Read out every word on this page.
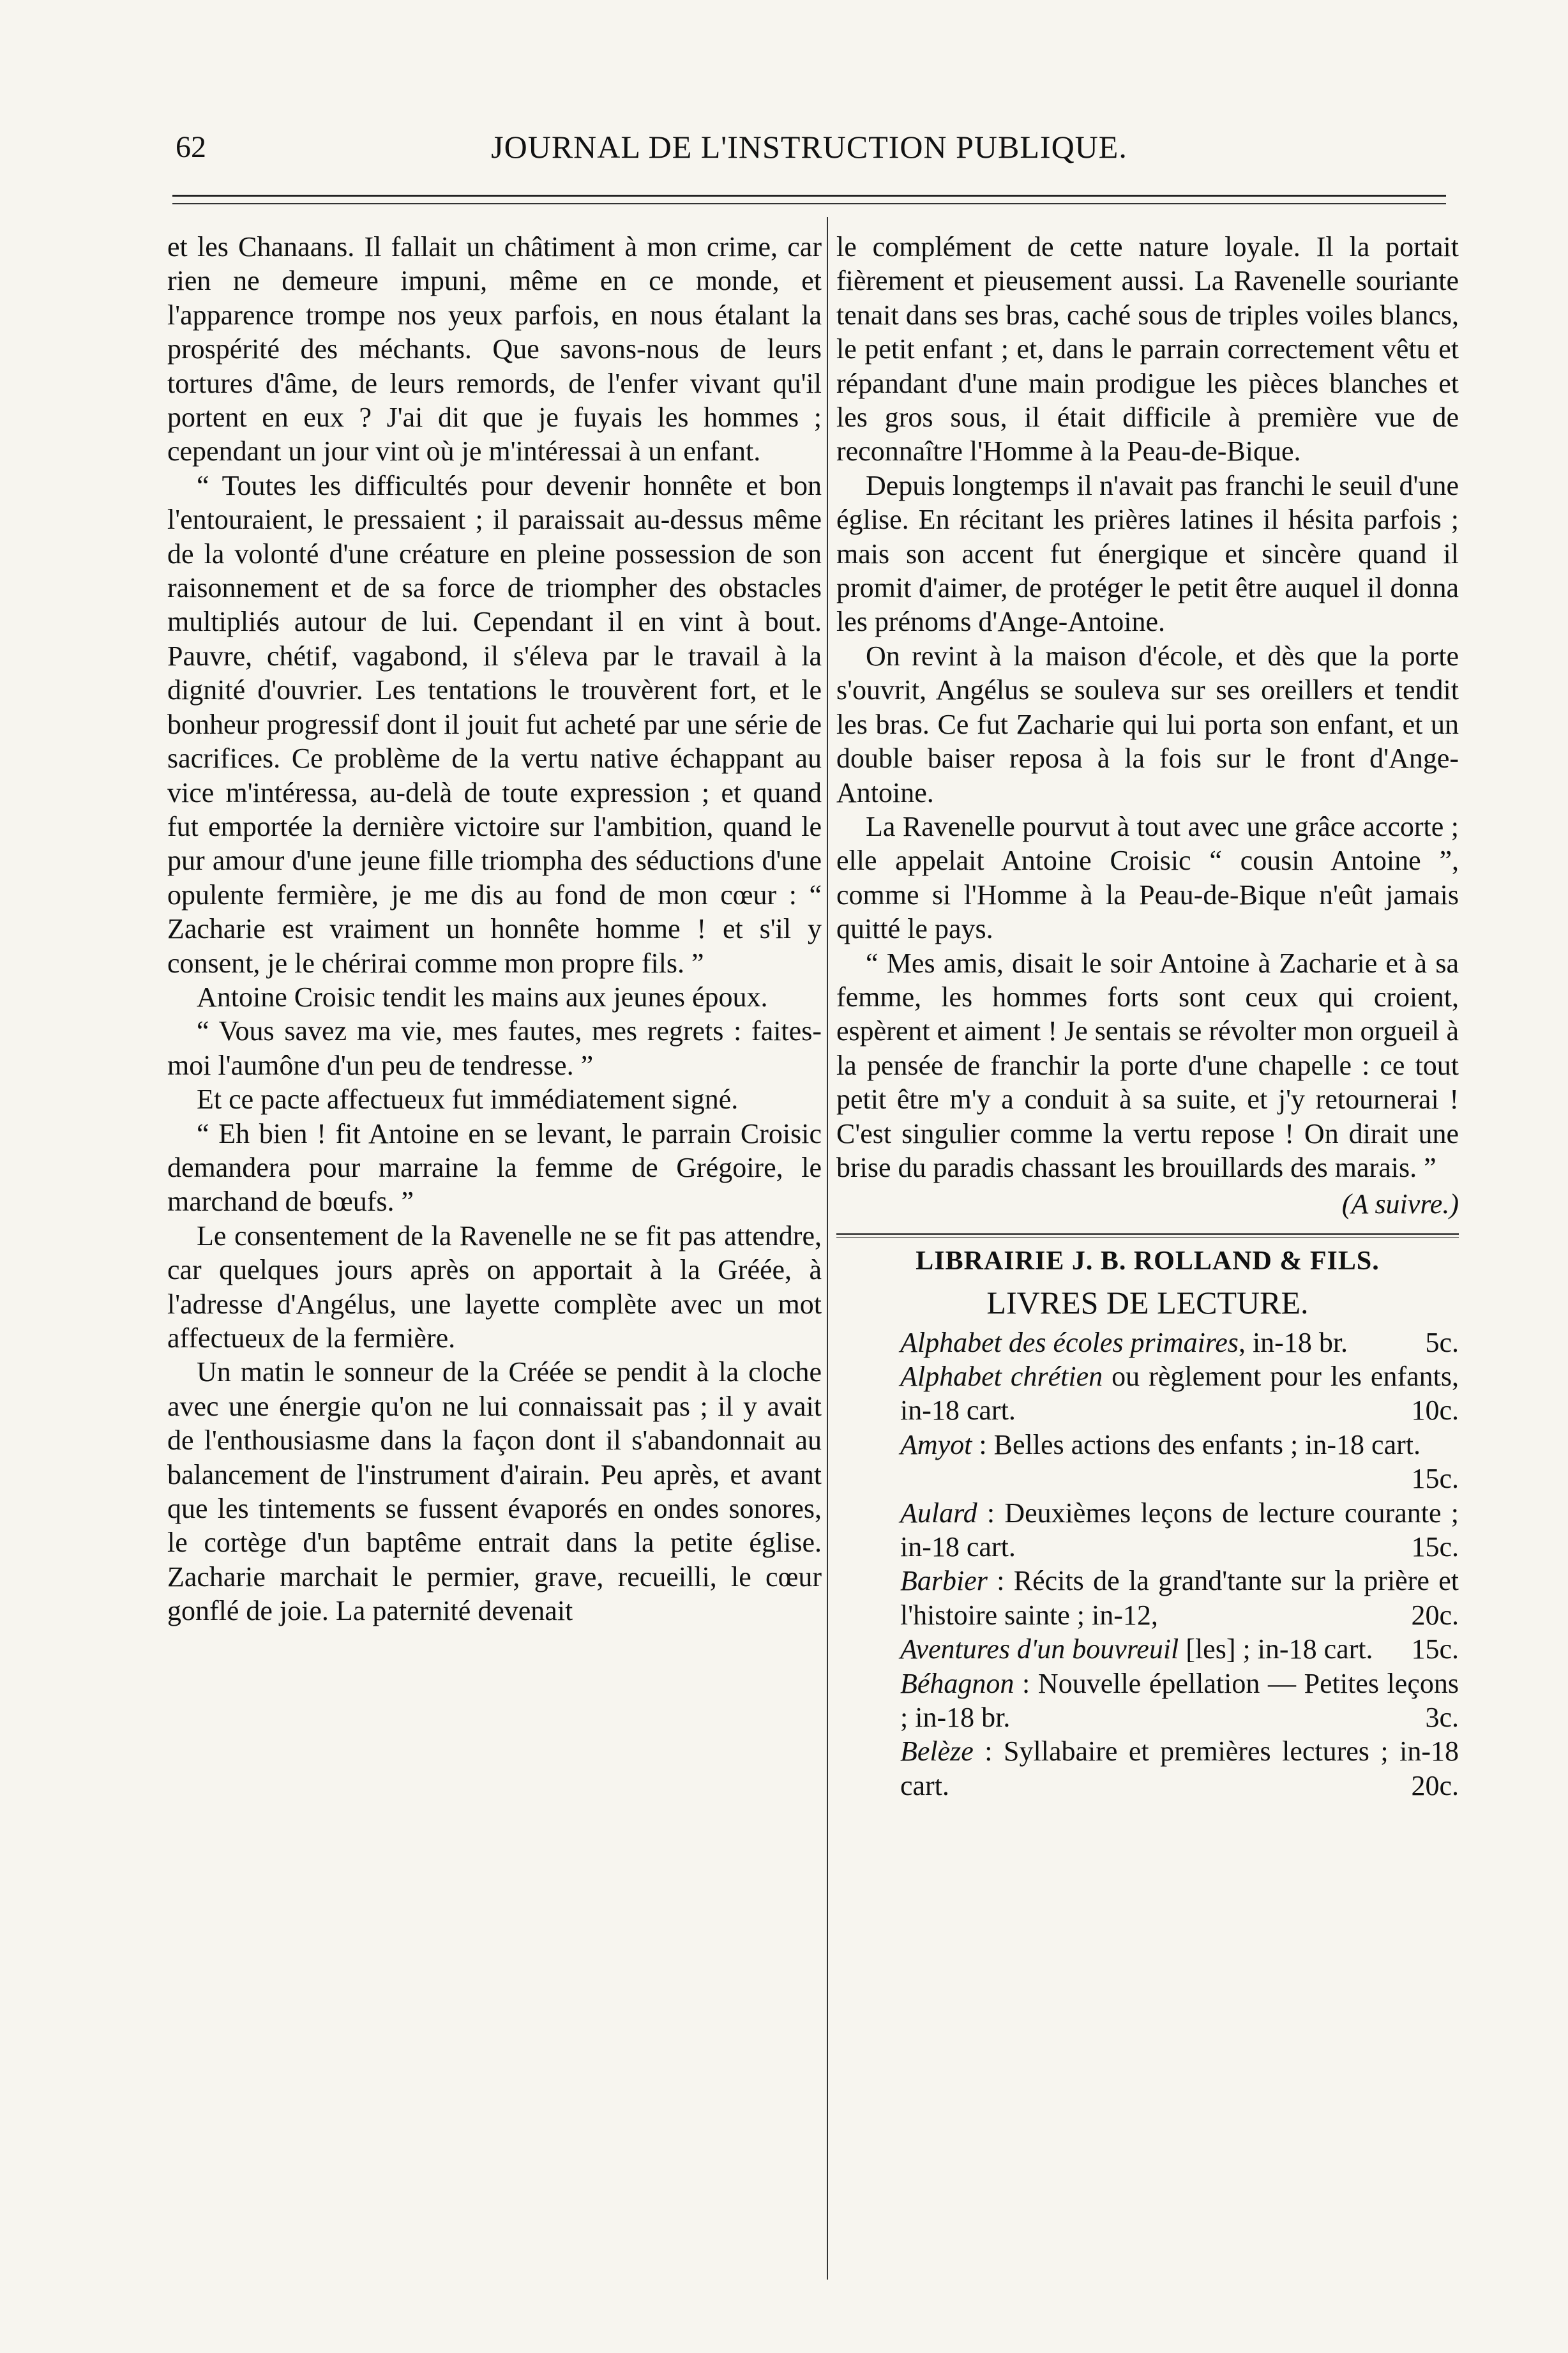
62	JOURNAL DE L'INSTRUCTION PUBLIQUE.

et les Chanaans. Il fallait un châtiment à mon crime, car rien ne demeure impuni, même en ce monde, et l'apparence trompe nos yeux parfois, en nous étalant la prospérité des méchants. Que savons-nous de leurs tortures d'âme, de leurs remords, de l'enfer vivant qu'il portent en eux ? J'ai dit que je fuyais les hommes ; cependant un jour vint où je m'intéressai à un enfant.

“ Toutes les difficultés pour devenir honnête et bon l'entouraient, le pressaient ; il paraissait au-dessus même de la volonté d'une créature en pleine possession de son raisonnement et de sa force de triompher des obstacles multipliés autour de lui. Cependant il en vint à bout. Pauvre, chétif, vagabond, il s'éleva par le travail à la dignité d'ouvrier. Les tentations le trouvèrent fort, et le bonheur progressif dont il jouit fut acheté par une série de sacrifices. Ce problème de la vertu native échappant au vice m'intéressa, au-delà de toute expression ; et quand fut emportée la dernière victoire sur l'ambition, quand le pur amour d'une jeune fille triompha des séductions d'une opulente fermière, je me dis au fond de mon cœur : “ Zacharie est vraiment un honnête homme ! et s'il y consent, je le chérirai comme mon propre fils. ”

Antoine Croisic tendit les mains aux jeunes époux.

“ Vous savez ma vie, mes fautes, mes regrets : faites-moi l'aumône d'un peu de tendresse. ”

Et ce pacte affectueux fut immédiatement signé.

“ Eh bien ! fit Antoine en se levant, le parrain Croisic demandera pour marraine la femme de Grégoire, le marchand de bœufs. ”

Le consentement de la Ravenelle ne se fit pas attendre, car quelques jours après on apportait à la Gréée, à l'adresse d'Angélus, une layette complète avec un mot affectueux de la fermière.

Un matin le sonneur de la Créée se pendit à la cloche avec une énergie qu'on ne lui connaissait pas ; il y avait de l'enthousiasme dans la façon dont il s'abandonnait au balancement de l'instrument d'airain. Peu après, et avant que les tintements se fussent évaporés en ondes sonores, le cortège d'un baptême entrait dans la petite église. Zacharie marchait le permier, grave, recueilli, le cœur gonflé de joie. La paternité devenait

le complément de cette nature loyale. Il la portait fièrement et pieusement aussi. La Ravenelle souriante tenait dans ses bras, caché sous de triples voiles blancs, le petit enfant ; et, dans le parrain correctement vêtu et répandant d'une main prodigue les pièces blanches et les gros sous, il était difficile à première vue de reconnaître l'Homme à la Peau-de-Bique.

Depuis longtemps il n'avait pas franchi le seuil d'une église. En récitant les prières latines il hésita parfois ; mais son accent fut énergique et sincère quand il promit d'aimer, de protéger le petit être auquel il donna les prénoms d'Ange-Antoine.

On revint à la maison d'école, et dès que la porte s'ouvrit, Angélus se souleva sur ses oreillers et tendit les bras. Ce fut Zacharie qui lui porta son enfant, et un double baiser reposa à la fois sur le front d'Ange-Antoine.

La Ravenelle pourvut à tout avec une grâce accorte ; elle appelait Antoine Croisic “ cousin Antoine ”, comme si l'Homme à la Peau-de-Bique n'eût jamais quitté le pays.

“ Mes amis, disait le soir Antoine à Zacharie et à sa femme, les hommes forts sont ceux qui croient, espèrent et aiment ! Je sentais se révolter mon orgueil à la pensée de franchir la porte d'une chapelle : ce tout petit être m'y a conduit à sa suite, et j'y retournerai ! C'est singulier comme la vertu repose ! On dirait une brise du paradis chassant les brouillards des marais. ”

(A suivre.)
LIBRAIRIE J. B. ROLLAND & FILS.
LIVRES DE LECTURE.

Alphabet des écoles primaires, in-18 br.	5c.

Alphabet chrétien ou règlement pour les enfants, in-18 cart.	10c.

Amyot : Belles actions des enfants ; in-18 cart.
15c.

Aulard : Deuxièmes leçons de lecture courante ; in-18 cart.	15c.

Barbier : Récits de la grand'tante sur la prière et l'histoire sainte ; in-12,	20c.

Aventures d'un bouvreuil [les] ; in-18 cart. 15c.

Béhagnon : Nouvelle épellation — Petites leçons ; in-18 br.	3c.

Belèze : Syllabaire et premières lectures ; in-18 cart.	20c.
